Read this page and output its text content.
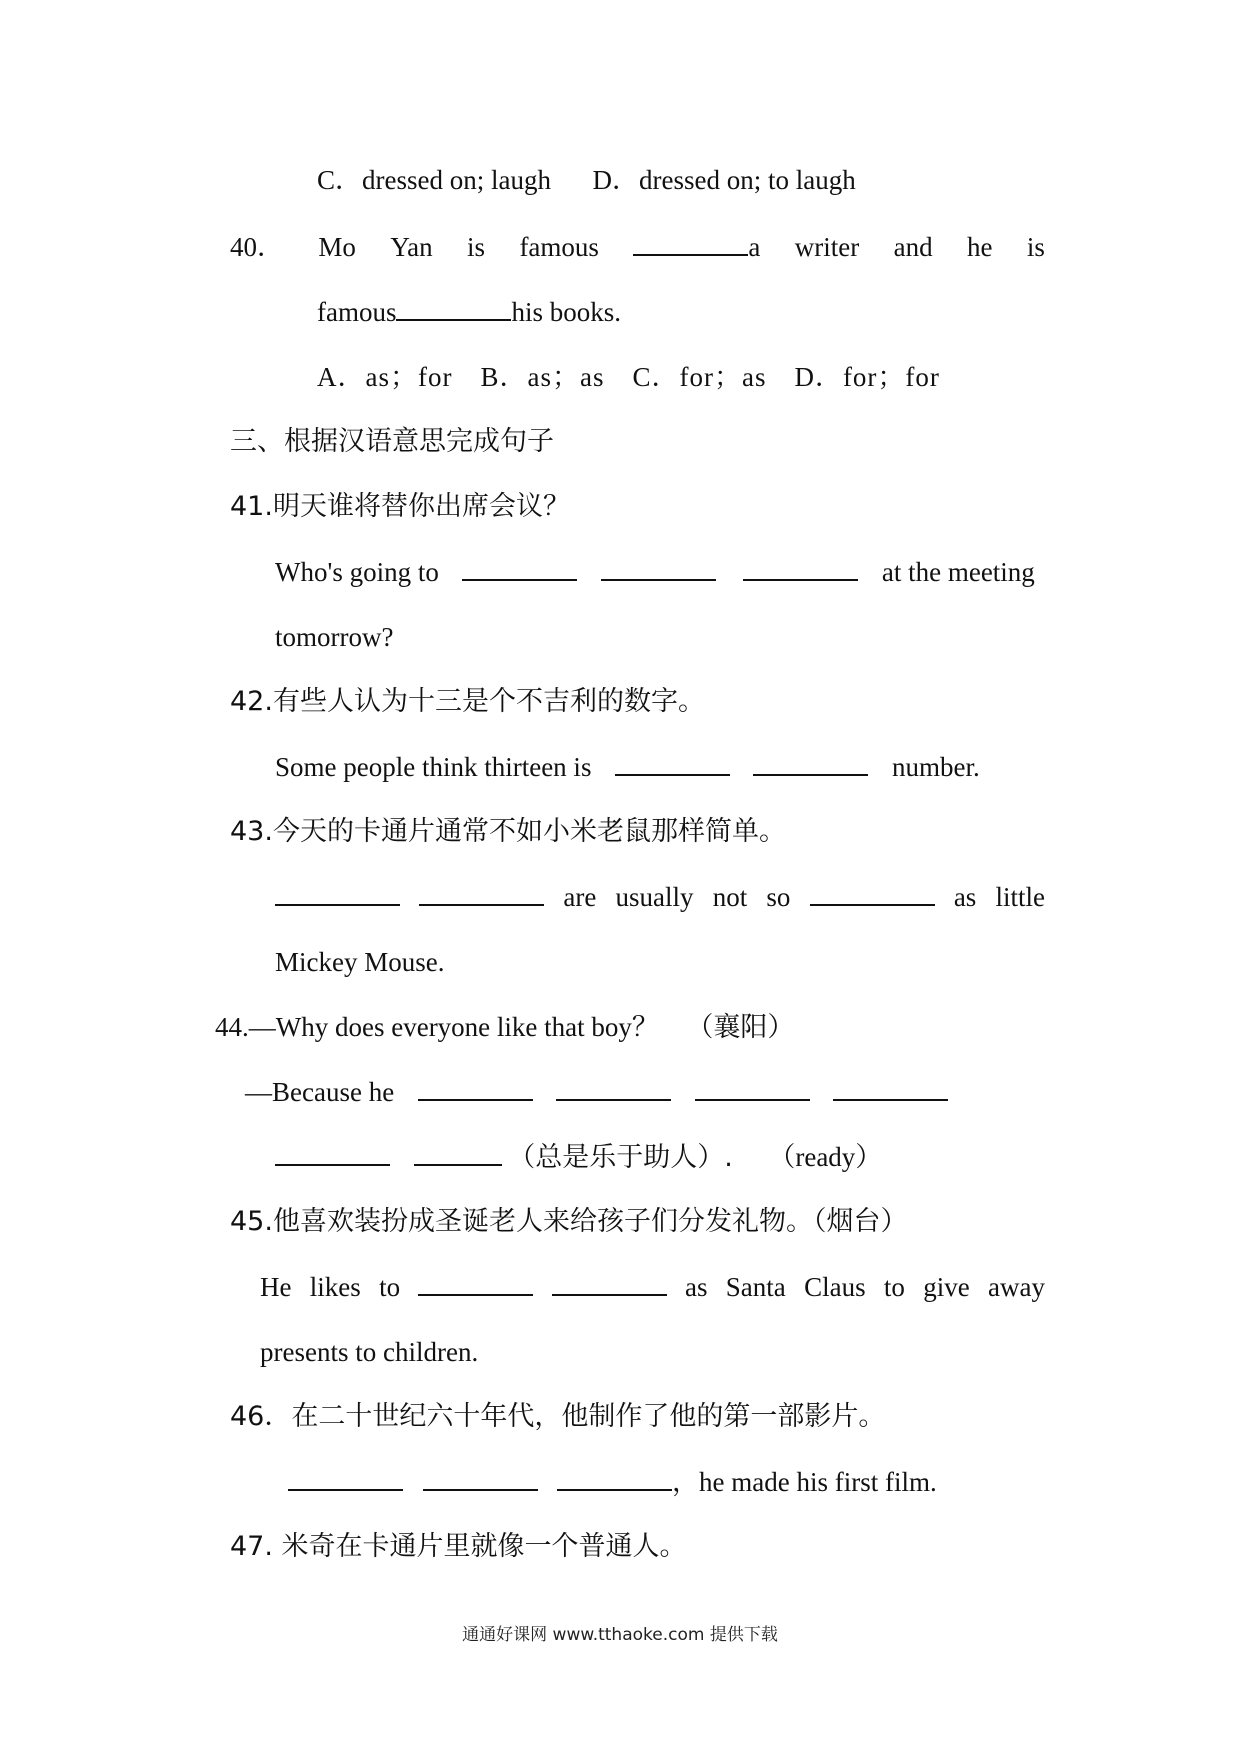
C．dressed on; laugh D．dressed on; to laugh
40． Mo Yan is famous	a writer and he is
famous	his books.
A．as；for　B．as；as　C．for；as　D．for；for
三、根据汉语意思完成句子
41.明天谁将替你出席会议？
Who's going to	at the meeting
tomorrow?
42.有些人认为十三是个不吉利的数字。
Some people think thirteen is	number.
43.今天的卡通片通常不如小米老鼠那样简单。
are usually not so	as little
Mickey Mouse.
44.—Why does everyone like that boy？ （襄阳）
—Because he
（总是乐于助人）. （ready）
45.他喜欢装扮成圣诞老人来给孩子们分发礼物。（烟台）
He likes to	as Santa Claus to give away
presents to children.
46．在二十世纪六十年代，他制作了他的第一部影片。
，he made his first film.
47. 米奇在卡通片里就像一个普通人。
通通好课网 www.tthaoke.com 提供下载
